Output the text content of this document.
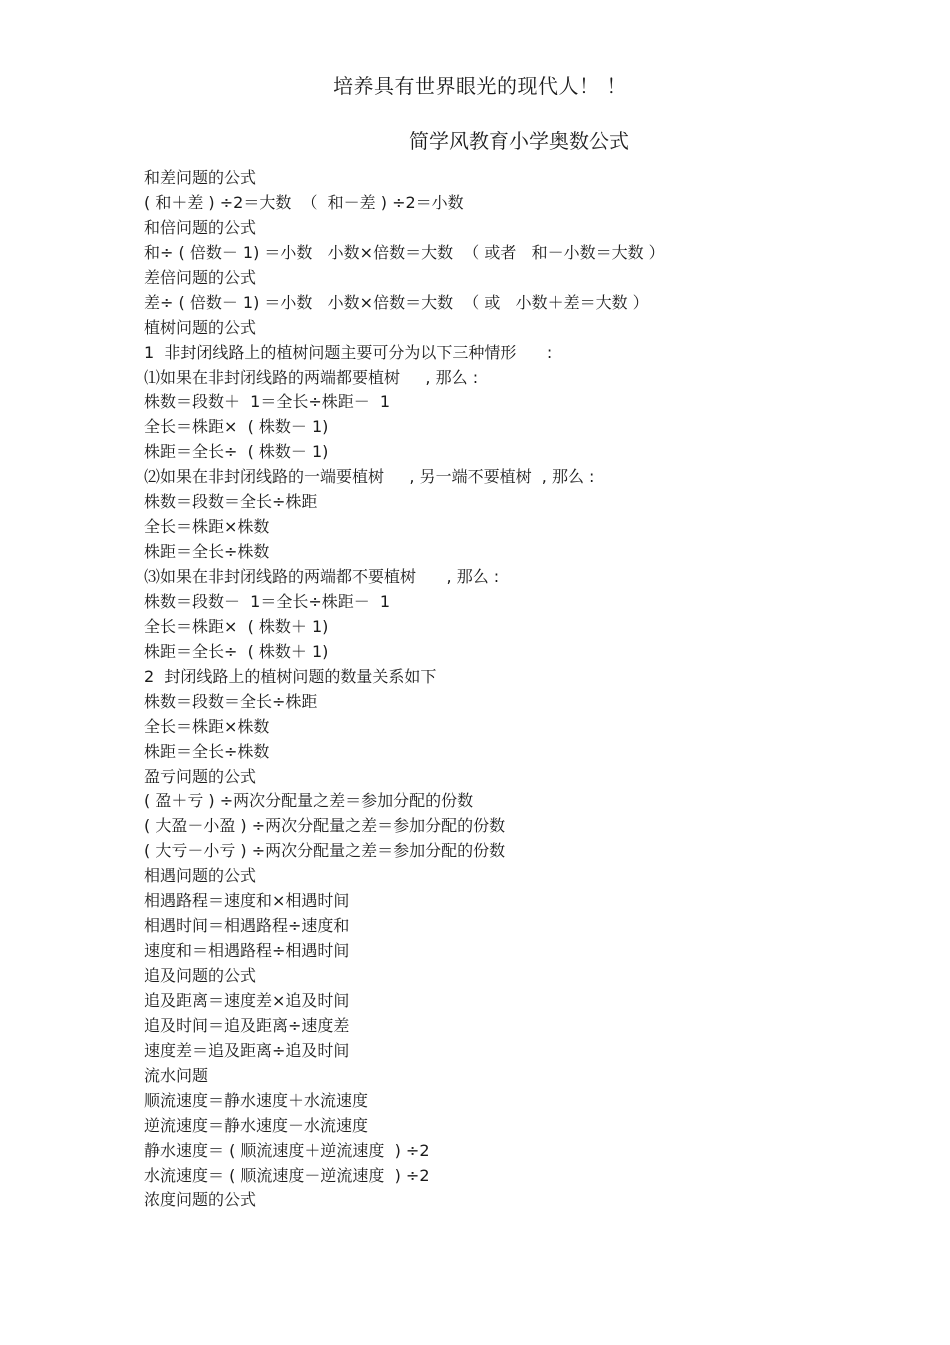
培养具有世界眼光的现代人！ ！
简学风教育小学奥数公式
和差问题的公式
( 和＋差 ) ÷2＝大数  （  和－差 ) ÷2＝小数
和倍问题的公式
和÷ ( 倍数－ 1) ＝小数   小数×倍数＝大数  （ 或者   和－小数＝大数 ）
差倍问题的公式
差÷ ( 倍数－ 1) ＝小数   小数×倍数＝大数  （ 或   小数＋差＝大数 ）
植树问题的公式
1  非封闭线路上的植树问题主要可分为以下三种情形      :
⑴如果在非封闭线路的两端都要植树     , 那么 :
株数＝段数＋  1＝全长÷株距－  1
全长＝株距×  ( 株数－ 1)
株距＝全长÷  ( 株数－ 1)
⑵如果在非封闭线路的一端要植树     , 另一端不要植树  , 那么 :
株数＝段数＝全长÷株距
全长＝株距×株数
株距＝全长÷株数
⑶如果在非封闭线路的两端都不要植树      , 那么 :
株数＝段数－  1＝全长÷株距－  1
全长＝株距×  ( 株数＋ 1)
株距＝全长÷  ( 株数＋ 1)
2  封闭线路上的植树问题的数量关系如下
株数＝段数＝全长÷株距
全长＝株距×株数
株距＝全长÷株数
盈亏问题的公式
( 盈＋亏 ) ÷两次分配量之差＝参加分配的份数
( 大盈－小盈 ) ÷两次分配量之差＝参加分配的份数
( 大亏－小亏 ) ÷两次分配量之差＝参加分配的份数
相遇问题的公式
相遇路程＝速度和×相遇时间
相遇时间＝相遇路程÷速度和
速度和＝相遇路程÷相遇时间
追及问题的公式
追及距离＝速度差×追及时间
追及时间＝追及距离÷速度差
速度差＝追及距离÷追及时间
流水问题
顺流速度＝静水速度＋水流速度
逆流速度＝静水速度－水流速度
静水速度＝ ( 顺流速度＋逆流速度  ) ÷2
水流速度＝ ( 顺流速度－逆流速度  ) ÷2
浓度问题的公式
